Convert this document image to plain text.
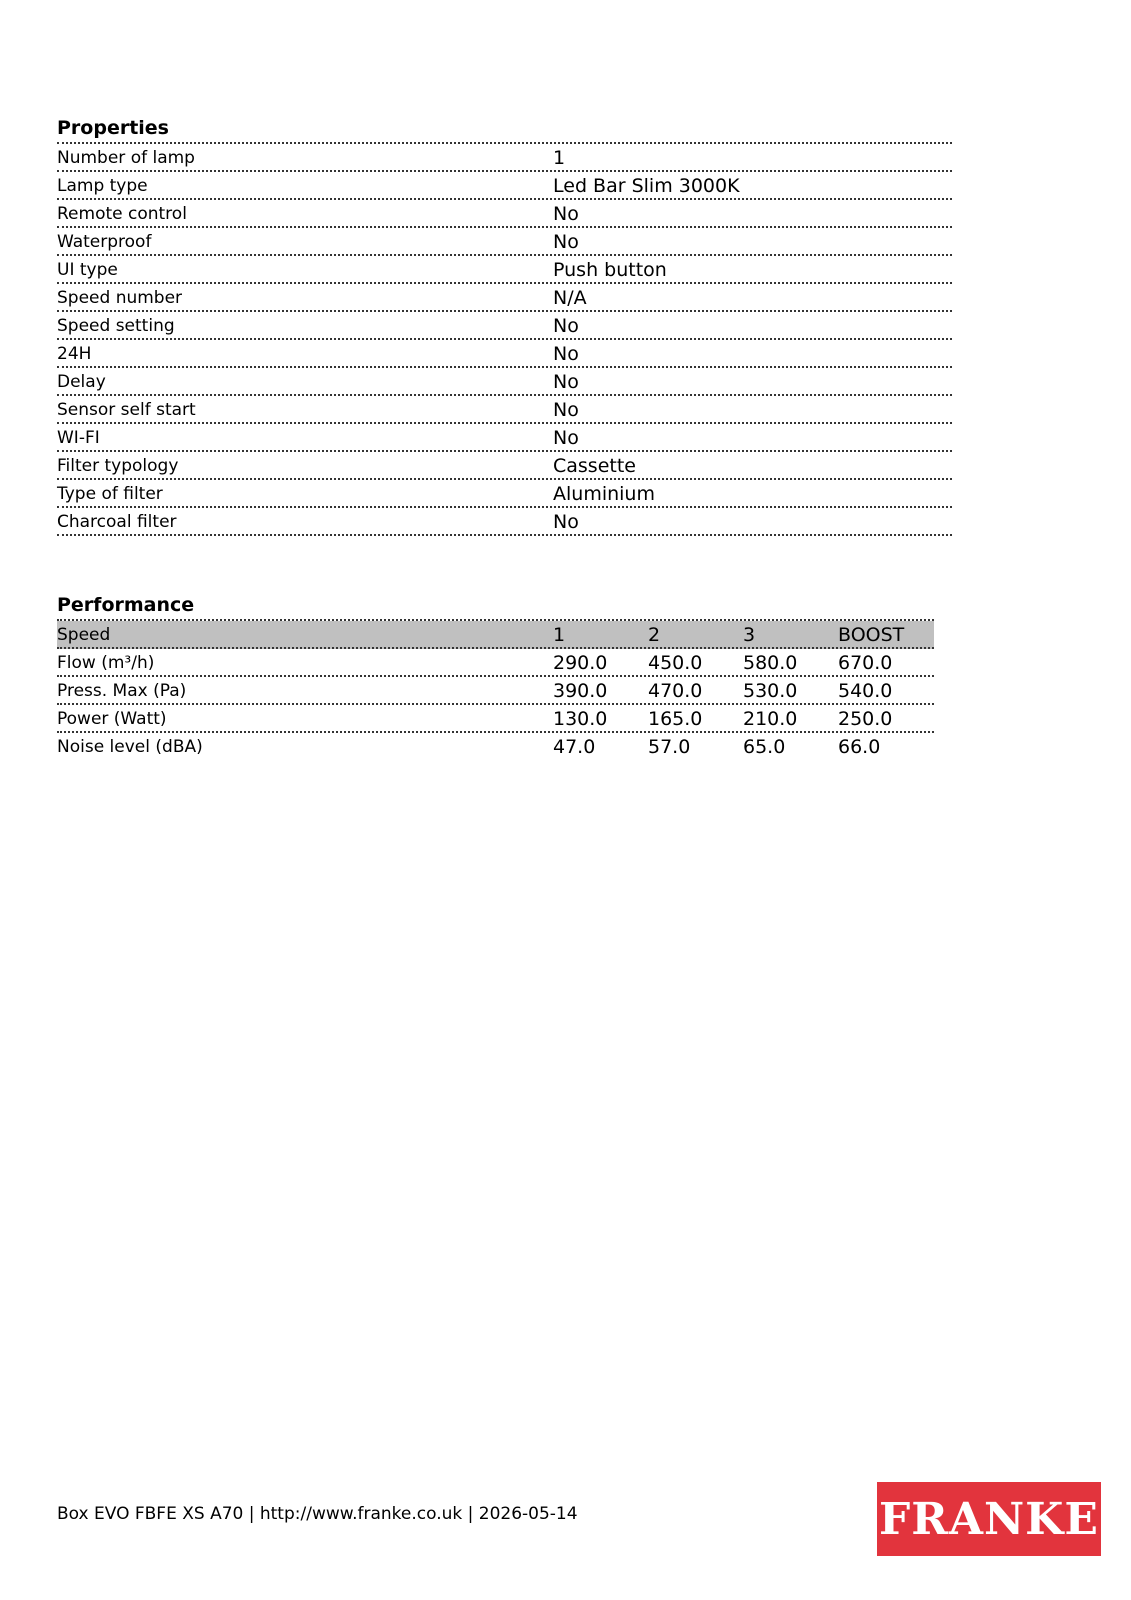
Properties
Number of lamp	1
Lamp type	Led Bar Slim 3000K
Remote control	No
Waterproof	No
UI type	Push button
Speed number	N/A
Speed setting	No
24H	No
Delay	No
Sensor self start	No
WI-FI	No
Filter typology	Cassette
Type of filter	Aluminium
Charcoal filter	No
Performance
Speed	1	2	3	BOOST
Flow (m³/h)	290.0	450.0	580.0	670.0
Press. Max (Pa)	390.0	470.0	530.0	540.0
Power (Watt)	130.0	165.0	210.0	250.0
Noise level (dBA)	47.0	57.0	65.0	66.0
Box EVO FBFE XS A70 | http://www.franke.co.uk | 2026-05-14	FRANKE
